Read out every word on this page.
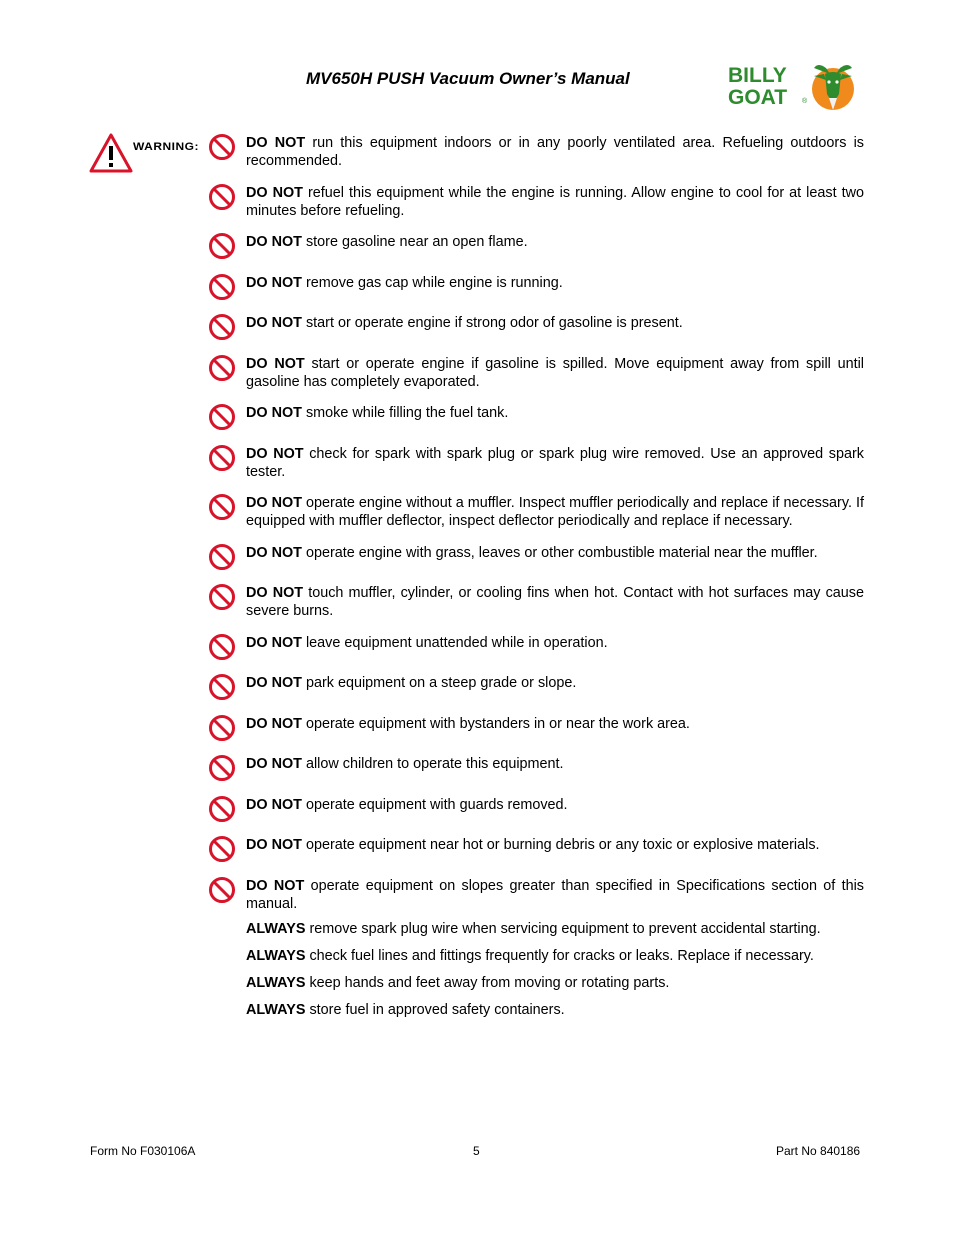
MV650H PUSH Vacuum Owner’s Manual	BILLY
GOAT ®
WARNING:	DO NOT run this equipment indoors or in any poorly ventilated area. Refueling outdoors is recommended.
DO NOT refuel this equipment while the engine is running. Allow engine to cool for at least two minutes before refueling.
DO NOT store gasoline near an open flame.
DO NOT remove gas cap while engine is running.
DO NOT start or operate engine if strong odor of gasoline is present.
DO NOT start or operate engine if gasoline is spilled. Move equipment away from spill until gasoline has completely evaporated.
DO NOT smoke while filling the fuel tank.
DO NOT check for spark with spark plug or spark plug wire removed. Use an approved spark tester.
DO NOT operate engine without a muffler. Inspect muffler periodically and replace if necessary. If equipped with muffler deflector, inspect deflector periodically and replace if necessary.
DO NOT operate engine with grass, leaves or other combustible material near the muffler.
DO NOT touch muffler, cylinder, or cooling fins when hot. Contact with hot surfaces may cause severe burns.
DO NOT leave equipment unattended while in operation.
DO NOT park equipment on a steep grade or slope.
DO NOT operate equipment with bystanders in or near the work area.
DO NOT allow children to operate this equipment.
DO NOT operate equipment with guards removed.
DO NOT operate equipment near hot or burning debris or any toxic or explosive materials.
DO NOT operate equipment on slopes greater than specified in Specifications section of this manual.
ALWAYS remove spark plug wire when servicing equipment to prevent accidental starting.
ALWAYS check fuel lines and fittings frequently for cracks or leaks. Replace if necessary.
ALWAYS keep hands and feet away from moving or rotating parts.
ALWAYS store fuel in approved safety containers.
Form No F030106A	5	Part No 840186
